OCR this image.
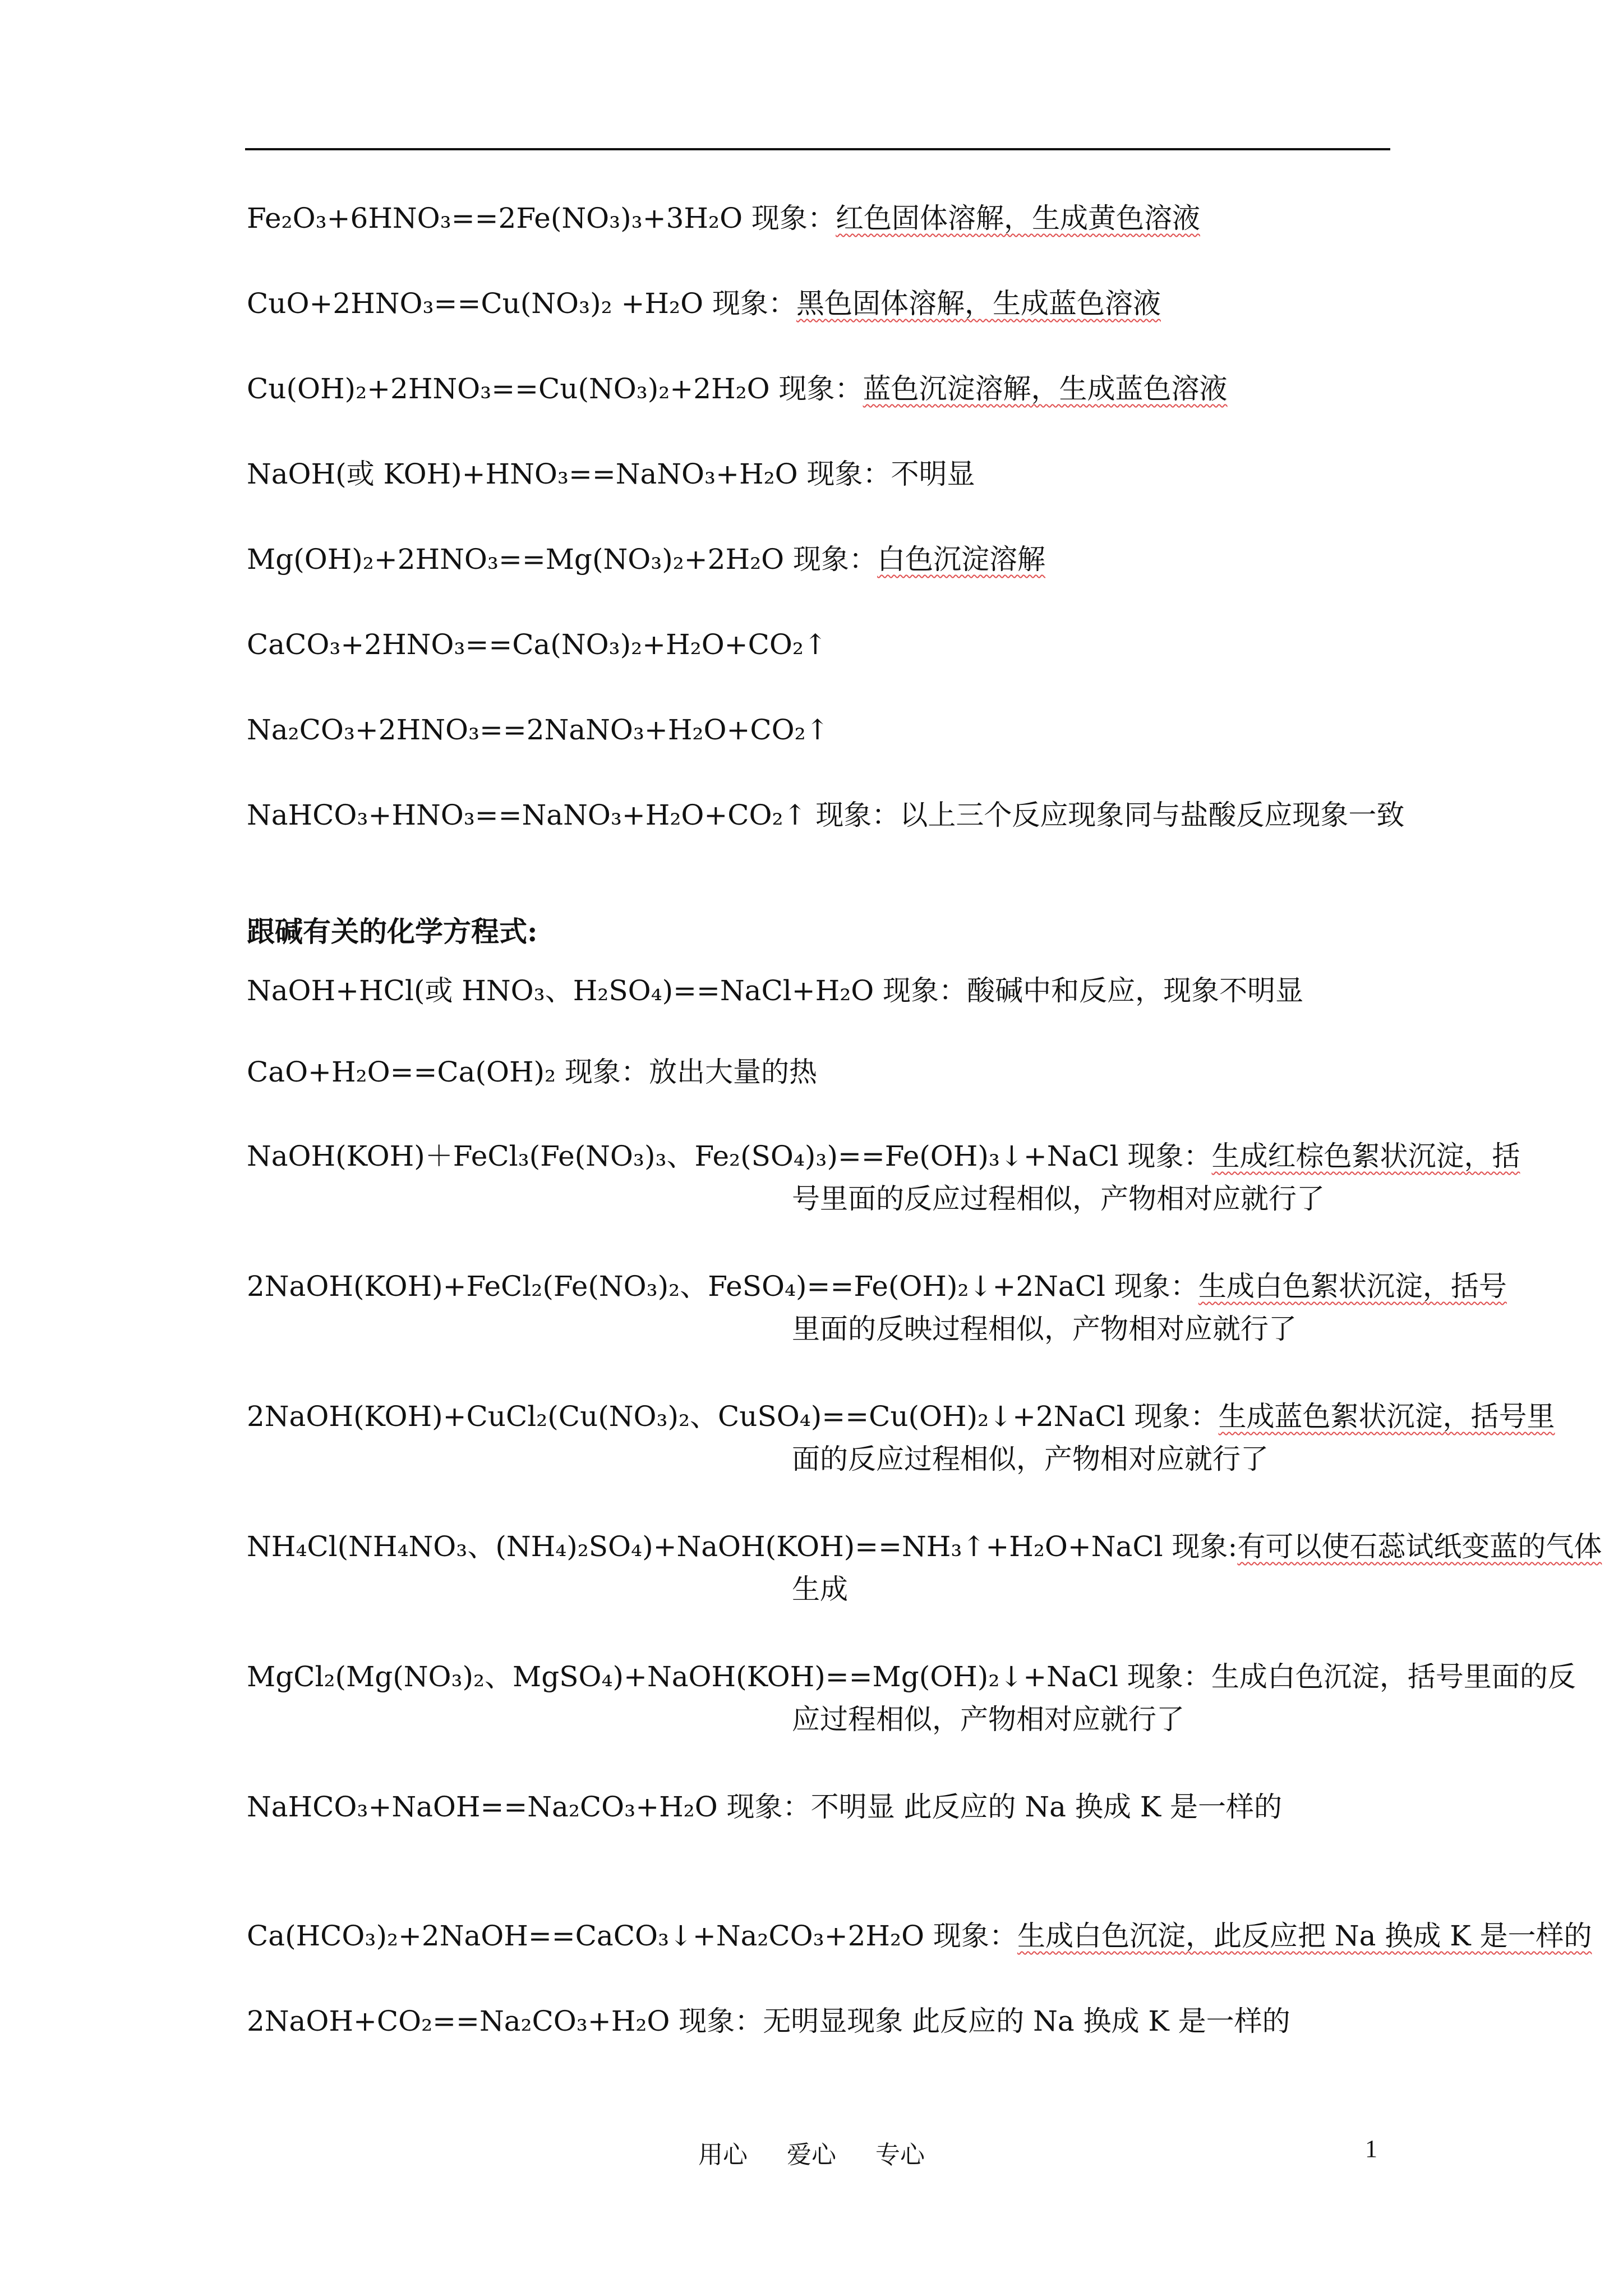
Fe₂O₃+6HNO₃==2Fe(NO₃)₃+3H₂O 现象：红色固体溶解，生成黄色溶液
CuO+2HNO₃==Cu(NO₃)₂ +H₂O 现象：黑色固体溶解，生成蓝色溶液
Cu(OH)₂+2HNO₃==Cu(NO₃)₂+2H₂O 现象：蓝色沉淀溶解，生成蓝色溶液
NaOH(或 KOH)+HNO₃==NaNO₃+H₂O 现象：不明显
Mg(OH)₂+2HNO₃==Mg(NO₃)₂+2H₂O 现象：白色沉淀溶解
CaCO₃+2HNO₃==Ca(NO₃)₂+H₂O+CO₂↑
Na₂CO₃+2HNO₃==2NaNO₃+H₂O+CO₂↑
NaHCO₃+HNO₃==NaNO₃+H₂O+CO₂↑ 现象：以上三个反应现象同与盐酸反应现象一致
跟碱有关的化学方程式:
NaOH+HCl(或 HNO₃、H₂SO₄)==NaCl+H₂O 现象：酸碱中和反应，现象不明显
CaO+H₂O==Ca(OH)₂ 现象：放出大量的热
NaOH(KOH)＋FeCl₃(Fe(NO₃)₃、Fe₂(SO₄)₃)==Fe(OH)₃↓+NaCl 现象：生成红棕色絮状沉淀，括
号里面的反应过程相似，产物相对应就行了
2NaOH(KOH)+FeCl₂(Fe(NO₃)₂、FeSO₄)==Fe(OH)₂↓+2NaCl 现象：生成白色絮状沉淀，括号
里面的反映过程相似，产物相对应就行了
2NaOH(KOH)+CuCl₂(Cu(NO₃)₂、CuSO₄)==Cu(OH)₂↓+2NaCl 现象：生成蓝色絮状沉淀，括号里
面的反应过程相似，产物相对应就行了
NH₄Cl(NH₄NO₃、(NH₄)₂SO₄)+NaOH(KOH)==NH₃↑+H₂O+NaCl 现象:有可以使石蕊试纸变蓝的气体
生成
MgCl₂(Mg(NO₃)₂、MgSO₄)+NaOH(KOH)==Mg(OH)₂↓+NaCl 现象：生成白色沉淀，括号里面的反
应过程相似，产物相对应就行了
NaHCO₃+NaOH==Na₂CO₃+H₂O 现象：不明显 此反应的 Na 换成 K 是一样的
Ca(HCO₃)₂+2NaOH==CaCO₃↓+Na₂CO₃+2H₂O 现象：生成白色沉淀，此反应把 Na 换成 K 是一样的
2NaOH+CO₂==Na₂CO₃+H₂O 现象：无明显现象 此反应的 Na 换成 K 是一样的
用心 爱心 专心	1
